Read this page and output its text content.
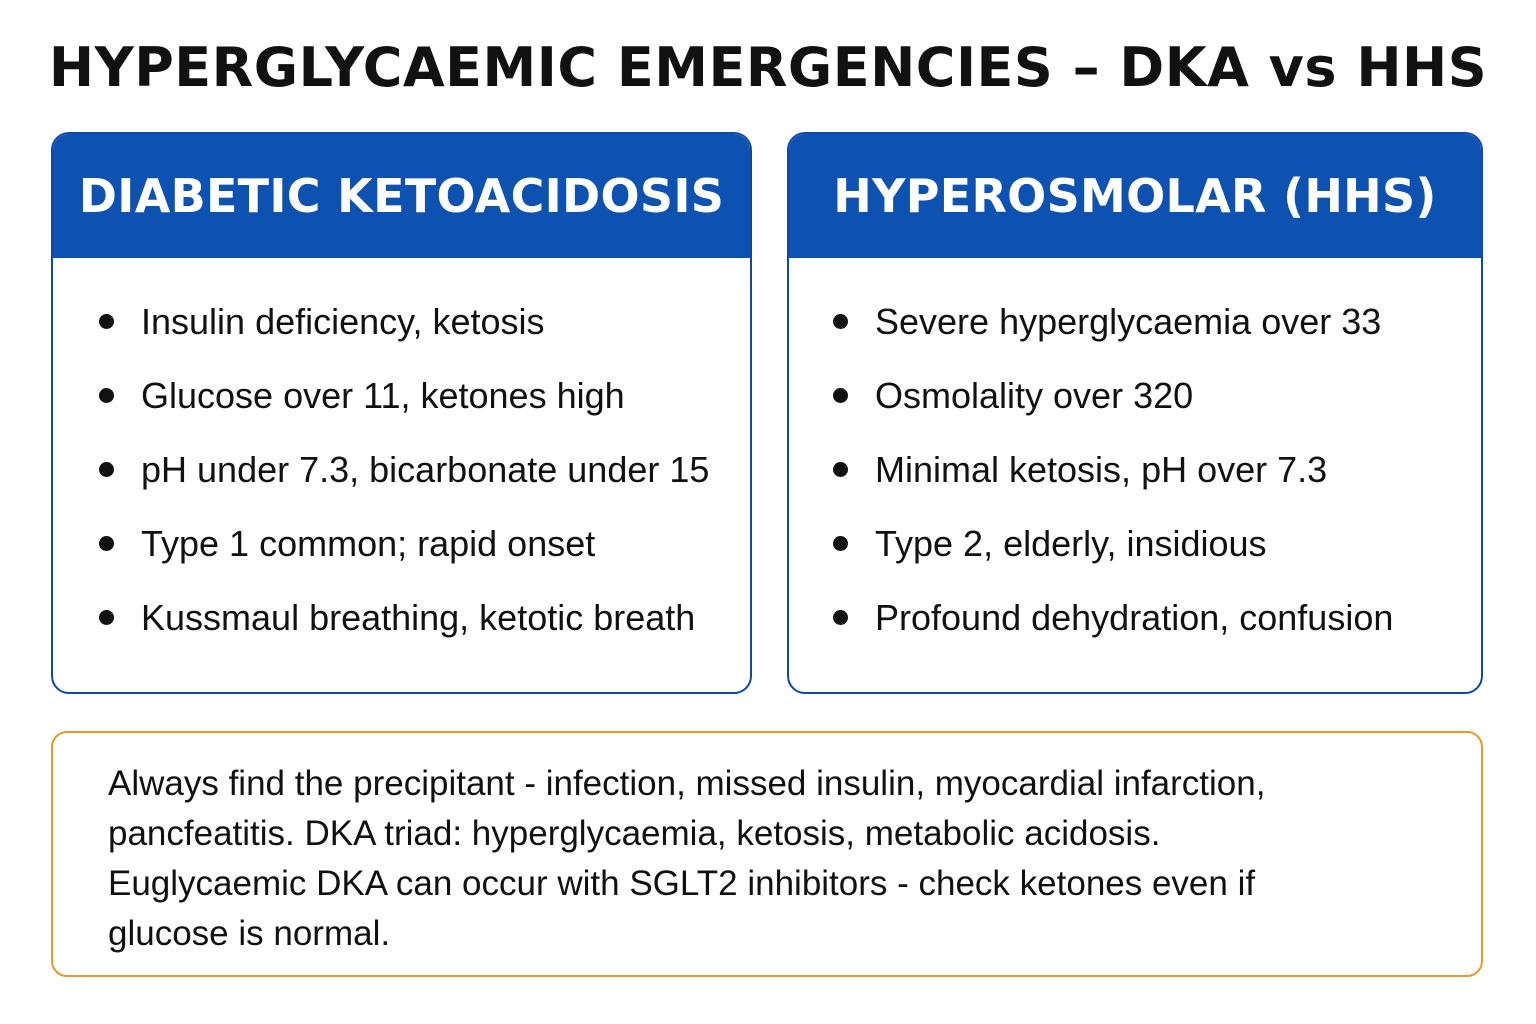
HYPERGLYCAEMIC EMERGENCIES – DKA vs HHS
DIABETIC KETOACIDOSIS
Insulin deficiency, ketosis
Glucose over 11, ketones high
pH under 7.3, bicarbonate under 15
Type 1 common; rapid onset
Kussmaul breathing, ketotic breath
HYPEROSMOLAR (HHS)
Severe hyperglycaemia over 33
Osmolality over 320
Minimal ketosis, pH over 7.3
Type 2, elderly, insidious
Profound dehydration, confusion
Always find the precipitant - infection, missed insulin, myocardial infarction,
pancfeatitis. DKA triad: hyperglycaemia, ketosis, metabolic acidosis.
Euglycaemic DKA can occur with SGLT2 inhibitors - check ketones even if
glucose is normal.
